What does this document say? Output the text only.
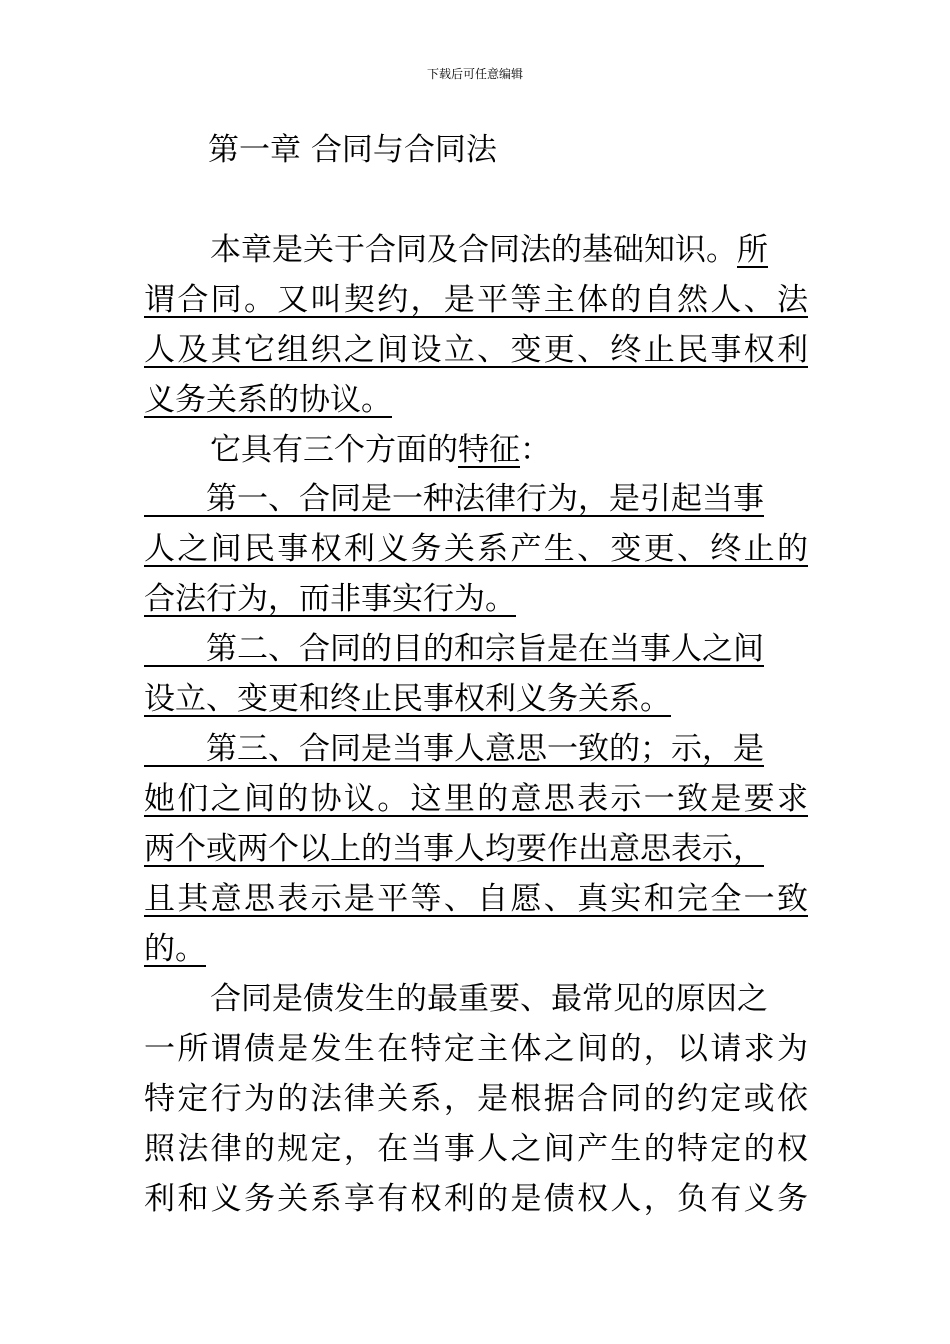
下载后可任意编辑
第一章 合同与合同法
本章是关于合同及合同法的基础知识。所
谓合同。又叫契约，是平等主体的自然人、法
人及其它组织之间设立、变更、终止民事权利
义务关系的协议。
它具有三个方面的特征：
　　第一、合同是一种法律行为，是引起当事
人之间民事权利义务关系产生、变更、终止的
合法行为，而非事实行为。
　　第二、合同的目的和宗旨是在当事人之间
设立、变更和终止民事权利义务关系。
　　第三、合同是当事人意思一致的；示，是
她们之间的协议。这里的意思表示一致是要求
两个或两个以上的当事人均要作出意思表示，
且其意思表示是平等、自愿、真实和完全一致
的。
合同是债发生的最重要、最常见的原因之
一所谓债是发生在特定主体之间的，以请求为
特定行为的法律关系，是根据合同的约定或依
照法律的规定，在当事人之间产生的特定的权
利和义务关系享有权利的是债权人，负有义务
